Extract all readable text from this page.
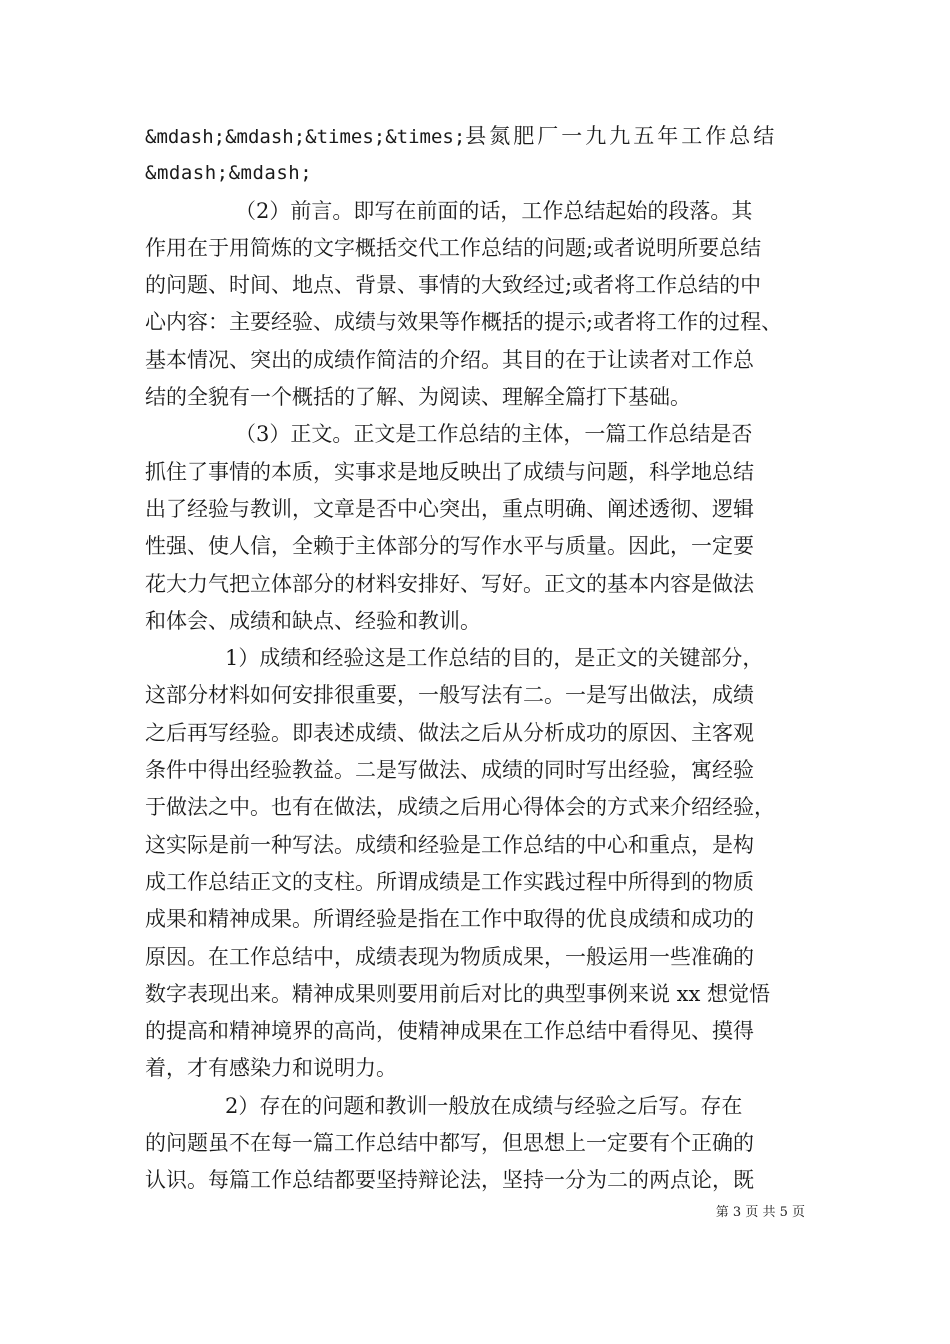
&mdash;&mdash;&times;&times;县氮肥厂一九九五年工作总结
&mdash;&mdash;
（2）前言。即写在前面的话，工作总结起始的段落。其
作用在于用简炼的文字概括交代工作总结的问题;或者说明所要总结
的问题、时间、地点、背景、事情的大致经过;或者将工作总结的中
心内容：主要经验、成绩与效果等作概括的提示;或者将工作的过程、
基本情况、突出的成绩作简洁的介绍。其目的在于让读者对工作总
结的全貌有一个概括的了解、为阅读、理解全篇打下基础。
（3）正文。正文是工作总结的主体，一篇工作总结是否
抓住了事情的本质，实事求是地反映出了成绩与问题，科学地总结
出了经验与教训，文章是否中心突出，重点明确、阐述透彻、逻辑
性强、使人信，全赖于主体部分的写作水平与质量。因此，一定要
花大力气把立体部分的材料安排好、写好。正文的基本内容是做法
和体会、成绩和缺点、经验和教训。
1）成绩和经验这是工作总结的目的，是正文的关键部分，
这部分材料如何安排很重要，一般写法有二。一是写出做法，成绩
之后再写经验。即表述成绩、做法之后从分析成功的原因、主客观
条件中得出经验教益。二是写做法、成绩的同时写出经验，寓经验
于做法之中。也有在做法，成绩之后用心得体会的方式来介绍经验，
这实际是前一种写法。成绩和经验是工作总结的中心和重点，是构
成工作总结正文的支柱。所谓成绩是工作实践过程中所得到的物质
成果和精神成果。所谓经验是指在工作中取得的优良成绩和成功的
原因。在工作总结中，成绩表现为物质成果，一般运用一些准确的
数字表现出来。精神成果则要用前后对比的典型事例来说 xx 想觉悟
的提高和精神境界的高尚，使精神成果在工作总结中看得见、摸得
着，才有感染力和说明力。
2）存在的问题和教训一般放在成绩与经验之后写。存在
的问题虽不在每一篇工作总结中都写，但思想上一定要有个正确的
认识。每篇工作总结都要坚持辩论法，坚持一分为二的两点论，既
第 3 页 共 5 页
